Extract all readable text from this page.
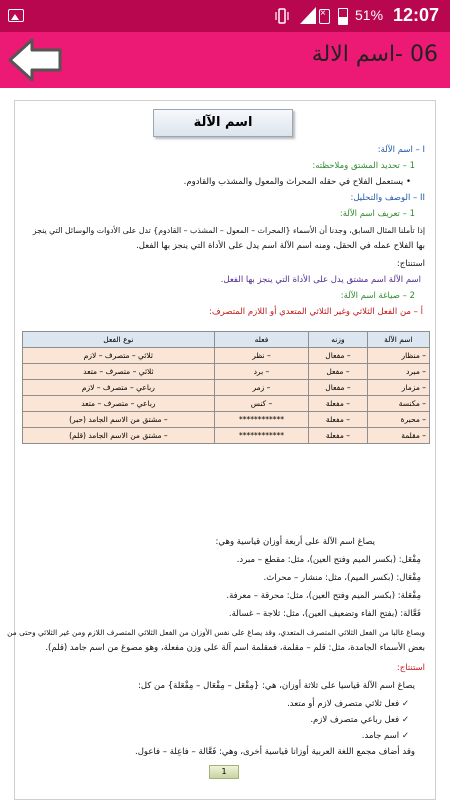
×
51% 12:07
06 -اسم الالة
اسم الآلة
I – اسم الآلة:
1 – تحديد المشتق وملاحظته:
• يستعمل الفلاح في حقله المحراث والمعول والمشذب والقادوم.
II – الوصف والتحليل:
1 – تعريف اسم الآلة:
إذا تأملنا المثال السابق، وجدنا أن الأسماء {المحراث – المعول – المشذب – القادوم} تدل على الأدوات والوسائل التي ينجز
بها الفلاح عمله في الحقل، ومنه اسم الآلة اسم يدل على الأداة التي ينجز بها الفعل.
استنتاج:
اسم الآلة اسم مشتق يدل على الأداة التي ينجز بها الفعل.
2 – صياغة اسم الآلة:
أ – من الفعل الثلاثي وغير الثلاثي المتعدي أو اللازم المتصرف:
اسم الآلة	وزنه	فعله	نوع الفعل
– منظار	– مفعال	– نظر	ثلاثي – متصرف – لازم
– مبرد	– مفعل	– برد	ثلاثي – متصرف – متعد
– مزمار	– مفعال	– زمر	رباعي – متصرف – لازم
– مكنسة	– مفعلة	– كنس	رباعي – متصرف – متعد
– محبرة	– مفعلة	************	– مشتق من الاسم الجامد (حبر)
– مقلمة	– مفعلة	************	– مشتق من الاسم الجامد (قلم)
يصاغ اسم الآلة على أربعة أوزان قياسية وهي:
مِفْعَل: (بكسر الميم وفتح العين)، مثل: مقطع – مبرد.
مِفْعَال: (بكسر الميم)، مثل: منشار – محراث.
مِفْعَلة: (بكسر الميم وفتح العين)، مثل: محرقة – معرفة.
فَعَّالة: (بفتح الفاء وتضعيف العين)، مثل: ثلاجة – غسالة.
ويصاغ غالبا من الفعل الثلاثي المتصرف المتعدي، وقد يصاغ على نفس الأوزان من الفعل الثلاثي المتصرف اللازم ومن غير الثلاثي وحتى من
بعض الأسماء الجامدة، مثل: قلم – مقلمة، فمقلمة اسم آلة على وزن مفعلة، وهو مصوغ من اسم جامد (قلم).
استنتاج:
يصاغ اسم الآلة قياسيا على ثلاثة أوزان، هي: {مِفْعَل – مِفْعَال – مِفْعَلة} من كل:
✓ فعل ثلاثي متصرف لازم أو متعد.
✓ فعل رباعي متصرف لازم.
✓ اسم جامد.
وقد أضاف مجمع اللغة العربية أوزانا قياسية أخرى، وهي: فَعَّالة – فاعِلة – فاعول.
1
